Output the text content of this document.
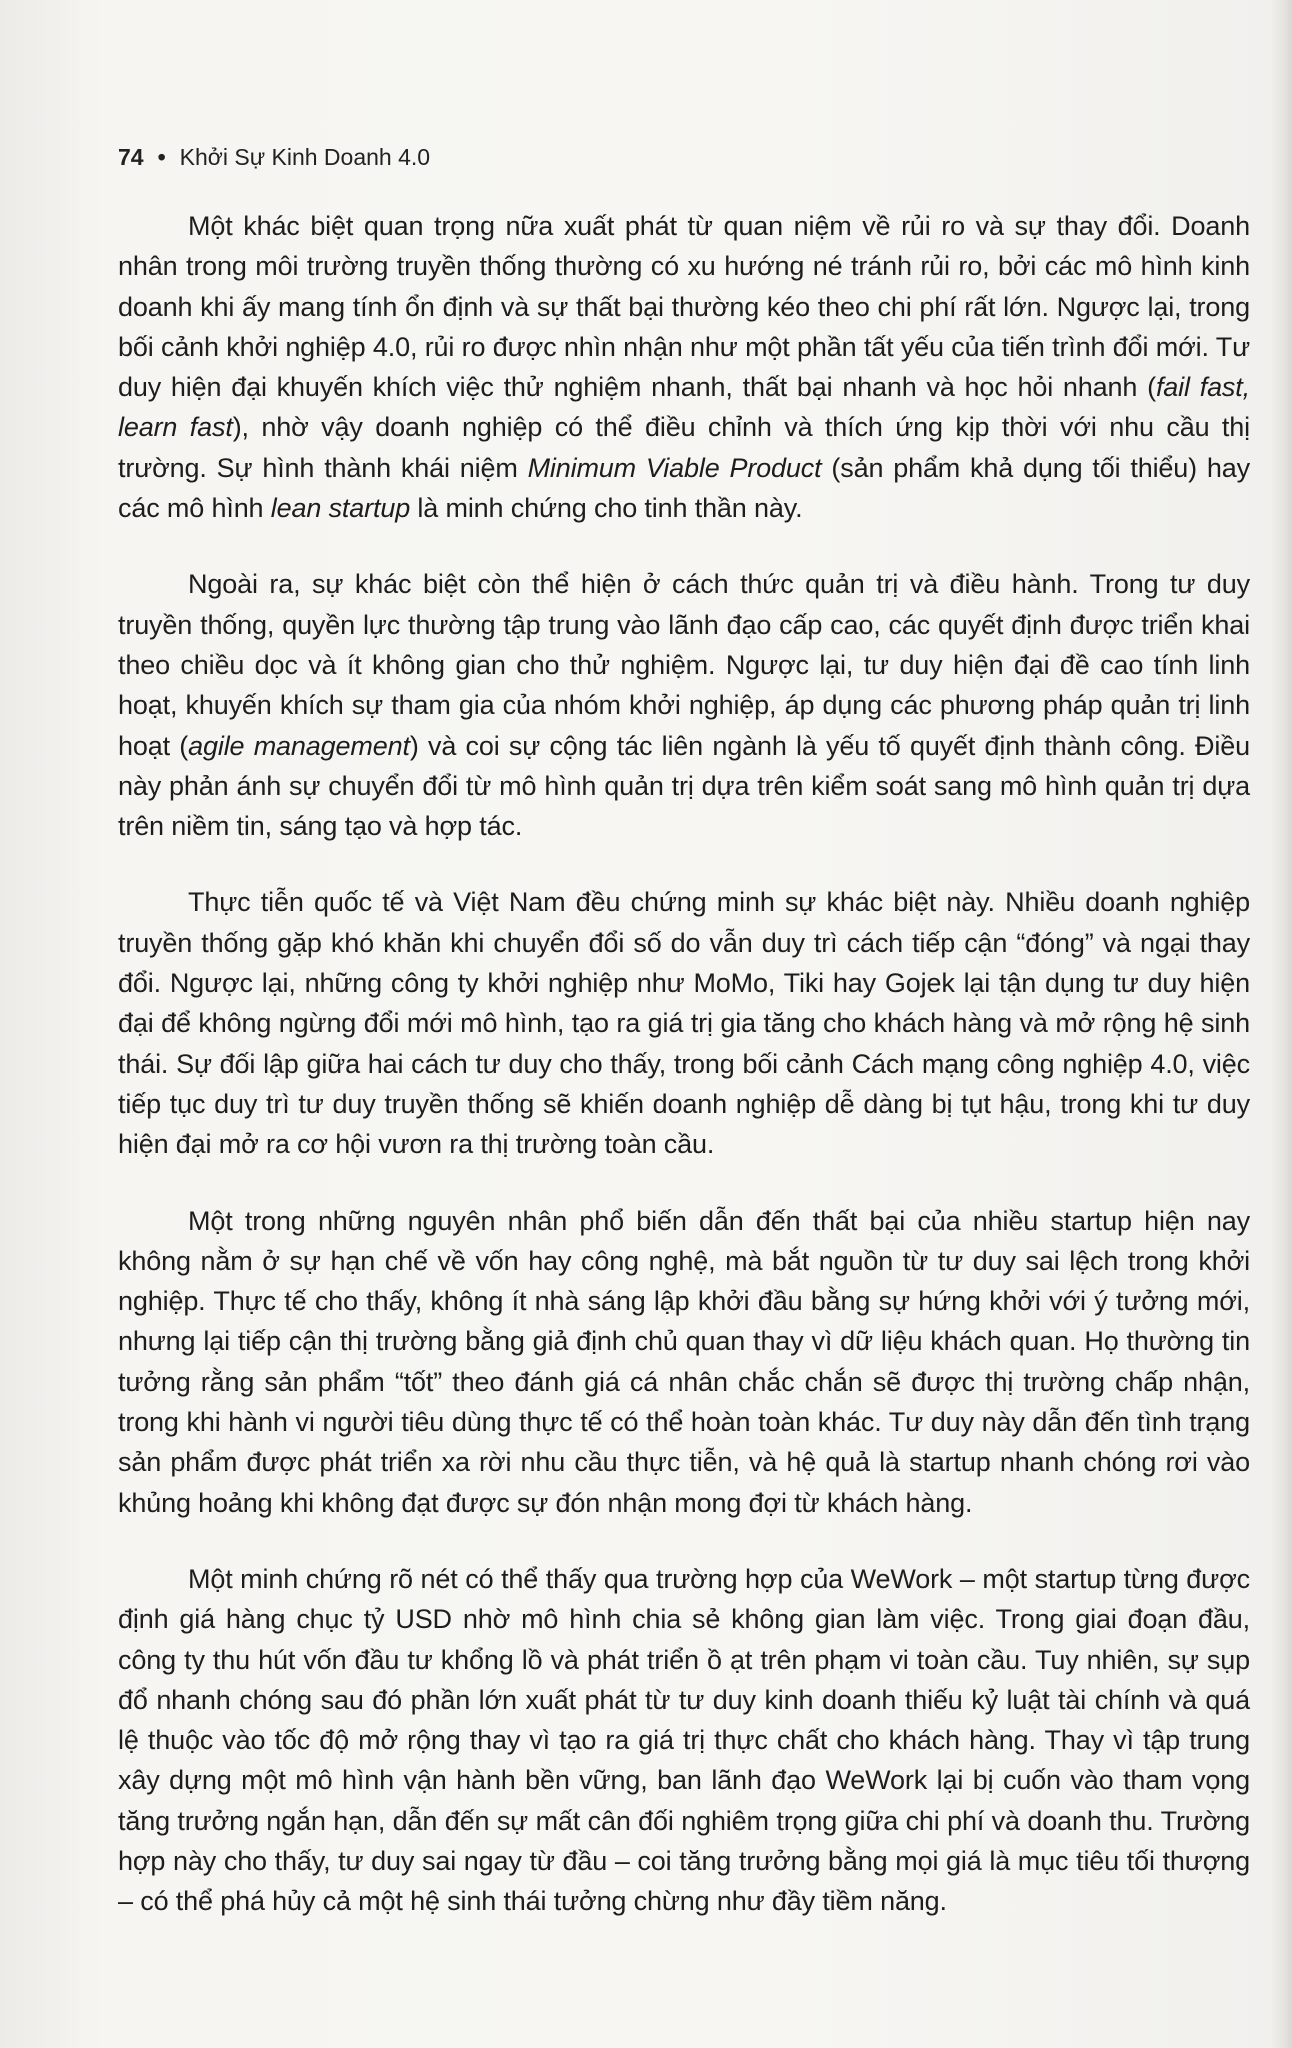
74 • Khởi Sự Kinh Doanh 4.0

Một khác biệt quan trọng nữa xuất phát từ quan niệm về rủi ro và sự thay đổi. Doanh nhân trong môi trường truyền thống thường có xu hướng né tránh rủi ro, bởi các mô hình kinh doanh khi ấy mang tính ổn định và sự thất bại thường kéo theo chi phí rất lớn. Ngược lại, trong bối cảnh khởi nghiệp 4.0, rủi ro được nhìn nhận như một phần tất yếu của tiến trình đổi mới. Tư duy hiện đại khuyến khích việc thử nghiệm nhanh, thất bại nhanh và học hỏi nhanh (fail fast, learn fast), nhờ vậy doanh nghiệp có thể điều chỉnh và thích ứng kịp thời với nhu cầu thị trường. Sự hình thành khái niệm Minimum Viable Product (sản phẩm khả dụng tối thiểu) hay các mô hình lean startup là minh chứng cho tinh thần này.

Ngoài ra, sự khác biệt còn thể hiện ở cách thức quản trị và điều hành. Trong tư duy truyền thống, quyền lực thường tập trung vào lãnh đạo cấp cao, các quyết định được triển khai theo chiều dọc và ít không gian cho thử nghiệm. Ngược lại, tư duy hiện đại đề cao tính linh hoạt, khuyến khích sự tham gia của nhóm khởi nghiệp, áp dụng các phương pháp quản trị linh hoạt (agile management) và coi sự cộng tác liên ngành là yếu tố quyết định thành công. Điều này phản ánh sự chuyển đổi từ mô hình quản trị dựa trên kiểm soát sang mô hình quản trị dựa trên niềm tin, sáng tạo và hợp tác.

Thực tiễn quốc tế và Việt Nam đều chứng minh sự khác biệt này. Nhiều doanh nghiệp truyền thống gặp khó khăn khi chuyển đổi số do vẫn duy trì cách tiếp cận “đóng” và ngại thay đổi. Ngược lại, những công ty khởi nghiệp như MoMo, Tiki hay Gojek lại tận dụng tư duy hiện đại để không ngừng đổi mới mô hình, tạo ra giá trị gia tăng cho khách hàng và mở rộng hệ sinh thái. Sự đối lập giữa hai cách tư duy cho thấy, trong bối cảnh Cách mạng công nghiệp 4.0, việc tiếp tục duy trì tư duy truyền thống sẽ khiến doanh nghiệp dễ dàng bị tụt hậu, trong khi tư duy hiện đại mở ra cơ hội vươn ra thị trường toàn cầu.

Một trong những nguyên nhân phổ biến dẫn đến thất bại của nhiều startup hiện nay không nằm ở sự hạn chế về vốn hay công nghệ, mà bắt nguồn từ tư duy sai lệch trong khởi nghiệp. Thực tế cho thấy, không ít nhà sáng lập khởi đầu bằng sự hứng khởi với ý tưởng mới, nhưng lại tiếp cận thị trường bằng giả định chủ quan thay vì dữ liệu khách quan. Họ thường tin tưởng rằng sản phẩm “tốt” theo đánh giá cá nhân chắc chắn sẽ được thị trường chấp nhận, trong khi hành vi người tiêu dùng thực tế có thể hoàn toàn khác. Tư duy này dẫn đến tình trạng sản phẩm được phát triển xa rời nhu cầu thực tiễn, và hệ quả là startup nhanh chóng rơi vào khủng hoảng khi không đạt được sự đón nhận mong đợi từ khách hàng.

Một minh chứng rõ nét có thể thấy qua trường hợp của WeWork – một startup từng được định giá hàng chục tỷ USD nhờ mô hình chia sẻ không gian làm việc. Trong giai đoạn đầu, công ty thu hút vốn đầu tư khổng lồ và phát triển ồ ạt trên phạm vi toàn cầu. Tuy nhiên, sự sụp đổ nhanh chóng sau đó phần lớn xuất phát từ tư duy kinh doanh thiếu kỷ luật tài chính và quá lệ thuộc vào tốc độ mở rộng thay vì tạo ra giá trị thực chất cho khách hàng. Thay vì tập trung xây dựng một mô hình vận hành bền vững, ban lãnh đạo WeWork lại bị cuốn vào tham vọng tăng trưởng ngắn hạn, dẫn đến sự mất cân đối nghiêm trọng giữa chi phí và doanh thu. Trường hợp này cho thấy, tư duy sai ngay từ đầu – coi tăng trưởng bằng mọi giá là mục tiêu tối thượng – có thể phá hủy cả một hệ sinh thái tưởng chừng như đầy tiềm năng.
